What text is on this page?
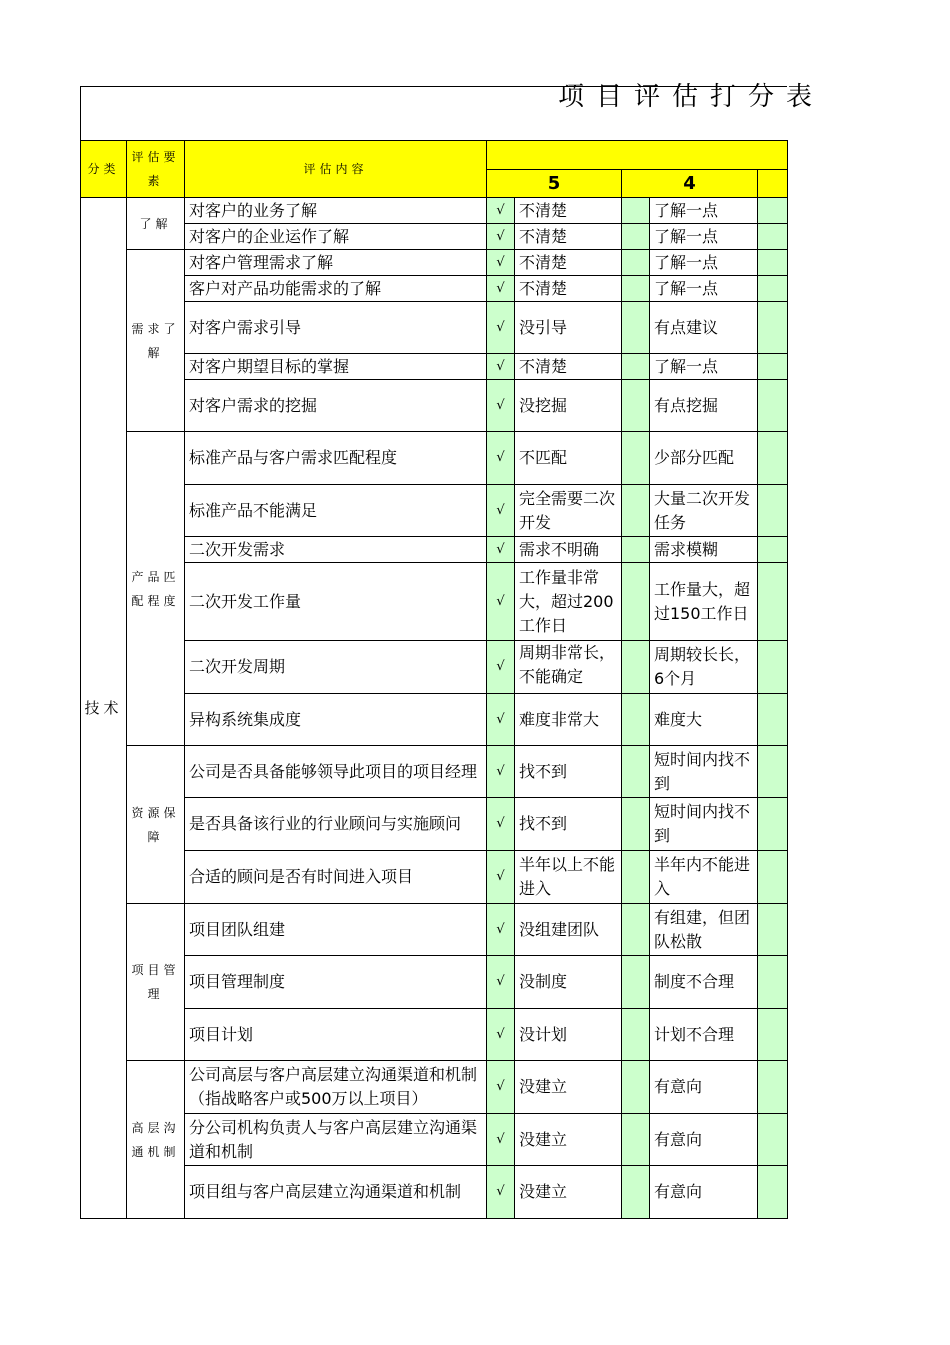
项目评估打分表
分类	评估要素	评估内容					
			5		4		
技术	了解	对客户的业务了解	√	不清楚		了解一点	
		对客户的企业运作了解	√	不清楚		了解一点	
	需求了解	对客户管理需求了解	√	不清楚		了解一点	
		客户对产品功能需求的了解	√	不清楚		了解一点	
		对客户需求引导	√	没引导		有点建议	
		对客户期望目标的掌握	√	不清楚		了解一点	
		对客户需求的挖掘	√	没挖掘		有点挖掘	
	产品匹配程度	标准产品与客户需求匹配程度	√	不匹配		少部分匹配	
		标准产品不能满足	√	完全需要二次开发		大量二次开发任务	
		二次开发需求	√	需求不明确		需求模糊	
		二次开发工作量	√	工作量非常大，超过200工作日		工作量大，超过150工作日	
		二次开发周期	√	周期非常长，不能确定		周期较长长，6个月	
		异构系统集成度	√	难度非常大		难度大	
	资源保障	公司是否具备能够领导此项目的项目经理	√	找不到		短时间内找不到	
		是否具备该行业的行业顾问与实施顾问	√	找不到		短时间内找不到	
		合适的顾问是否有时间进入项目	√	半年以上不能进入		半年内不能进入	
	项目管理	项目团队组建	√	没组建团队		有组建，但团队松散	
		项目管理制度	√	没制度		制度不合理	
		项目计划	√	没计划		计划不合理	
	高层沟通机制	公司高层与客户高层建立沟通渠道和机制（指战略客户或500万以上项目）	√	没建立		有意向	
		分公司机构负责人与客户高层建立沟通渠道和机制	√	没建立		有意向	
		项目组与客户高层建立沟通渠道和机制	√	没建立		有意向	
